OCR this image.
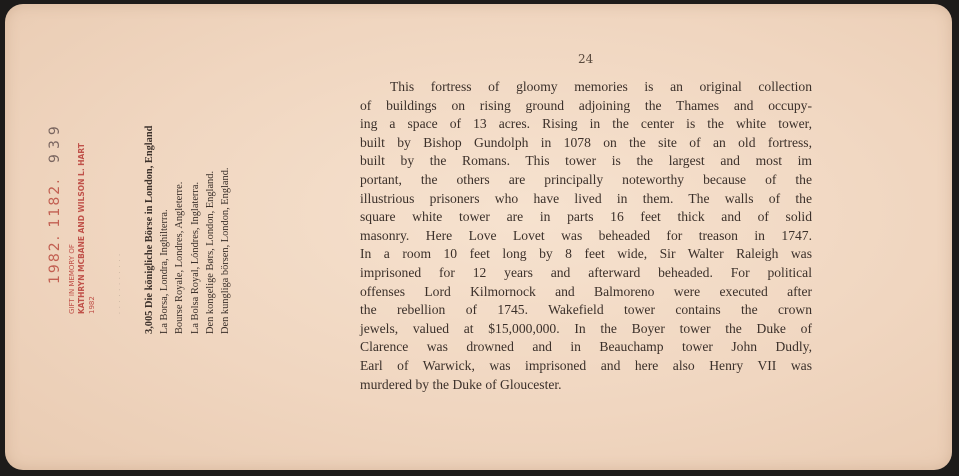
24

This fortress of gloomy memories is an original collection
of buildings on rising ground adjoining the Thames and occupy-
ing a space of 13 acres. Rising in the center is the white tower,
built by Bishop Gundolph in 1078 on the site of an old fortress,
built by the Romans. This tower is the largest and most im
portant, the others are principally noteworthy because of the
illustrious prisoners who have lived in them. The walls of the
square white tower are in parts 16 feet thick and of solid
masonry. Here Love Lovet was beheaded for treason in 1747.
In a room 10 feet long by 8 feet wide, Sir Walter Raleigh was
imprisoned for 12 years and afterward beheaded. For political
offenses Lord Kilmornock and Balmoreno were executed after
the rebellion of 1745. Wakefield tower contains the crown
jewels, valued at $15,000,000. In the Boyer tower the Duke of
Clarence was drowned and in Beauchamp tower John Dudly,
Earl of Warwick, was imprisoned and here also Henry VII was
murdered by the Duke of Gloucester.

3,005 Die königliche Börse in London, England La Borsa, Londra, Inghilterra. Bourse Royale, Londres, Angleterre. La Bolsa Royal, Lóndres, Inglaterra. Den kongelige Børs, London, England. Den kungliga börsen, London, England.
1982. 1182. 939
GIFT IN MEMORY OF KATHRYN MCBANE AND WILSON L. HART 1982	· · · · · · · · · · ·
